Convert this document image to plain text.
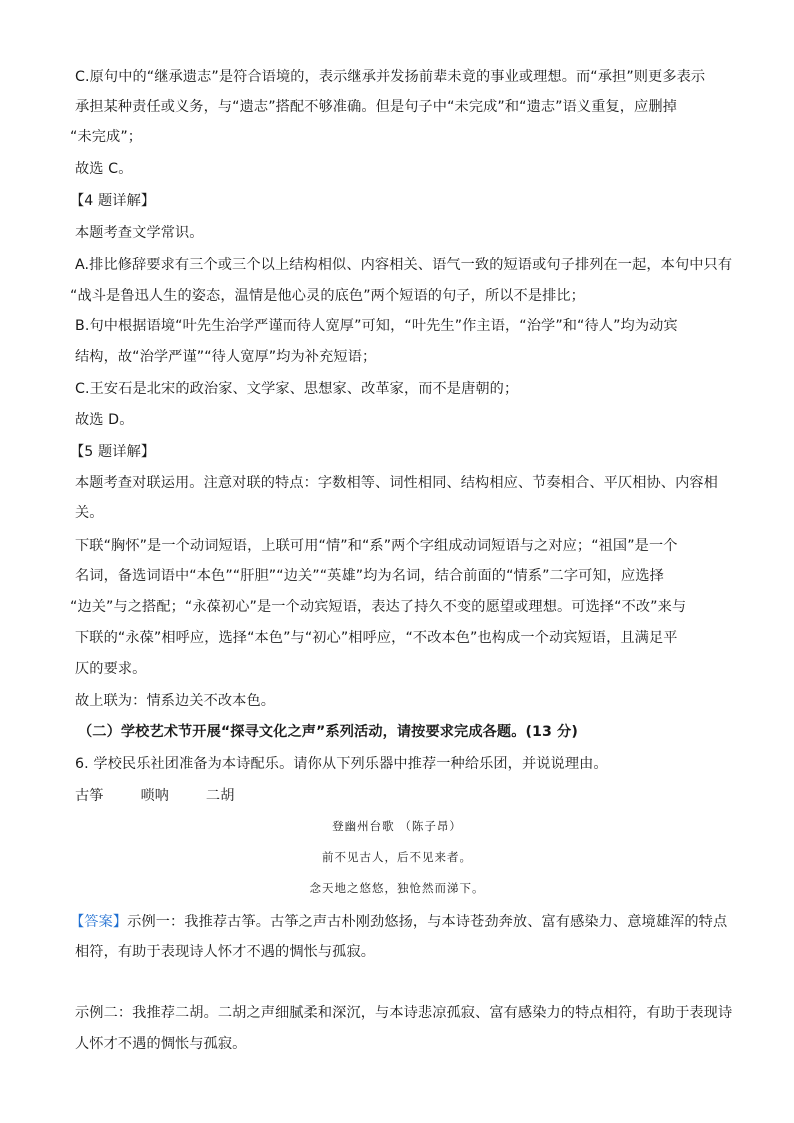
C.原句中的“继承遗志”是符合语境的，表示继承并发扬前辈未竟的事业或理想。而“承担”则更多表示
承担某种责任或义务，与“遗志”搭配不够准确。但是句子中“未完成”和“遗志”语义重复，应删掉
“未完成”；
故选 C。
【4 题详解】
本题考查文学常识。
A.排比修辞要求有三个或三个以上结构相似、内容相关、语气一致的短语或句子排列在一起，本句中只有
“战斗是鲁迅人生的姿态，温情是他心灵的底色”两个短语的句子，所以不是排比；
B.句中根据语境“叶先生治学严谨而待人宽厚”可知，“叶先生”作主语，“治学”和“待人”均为动宾
结构，故“治学严谨”“待人宽厚”均为补充短语；
C.王安石是北宋的政治家、文学家、思想家、改革家，而不是唐朝的；
故选 D。
【5 题详解】
本题考查对联运用。注意对联的特点：字数相等、词性相同、结构相应、节奏相合、平仄相协、内容相
关。
下联“胸怀”是一个动词短语，上联可用“情”和“系”两个字组成动词短语与之对应；“祖国”是一个
名词，备选词语中“本色”“肝胆”“边关”“英雄”均为名词，结合前面的“情系”二字可知，应选择
“边关”与之搭配；“永葆初心”是一个动宾短语，表达了持久不变的愿望或理想。可选择“不改”来与
下联的“永葆”相呼应，选择“本色”与“初心”相呼应，“不改本色”也构成一个动宾短语，且满足平
仄的要求。
故上联为：情系边关不改本色。
（二）学校艺术节开展“探寻文化之声”系列活动，请按要求完成各题。(13 分)
6. 学校民乐社团准备为本诗配乐。请你从下列乐器中推荐一种给乐团，并说说理由。
古筝        唢呐        二胡
登幽州台歌 （陈子昂）
前不见古人，后不见来者。
念天地之悠悠，独怆然而涕下。
【答案】示例一：我推荐古筝。古筝之声古朴刚劲悠扬，与本诗苍劲奔放、富有感染力、意境雄浑的特点
相符，有助于表现诗人怀才不遇的惆怅与孤寂。
示例二：我推荐二胡。二胡之声细腻柔和深沉，与本诗悲凉孤寂、富有感染力的特点相符，有助于表现诗
人怀才不遇的惆怅与孤寂。
